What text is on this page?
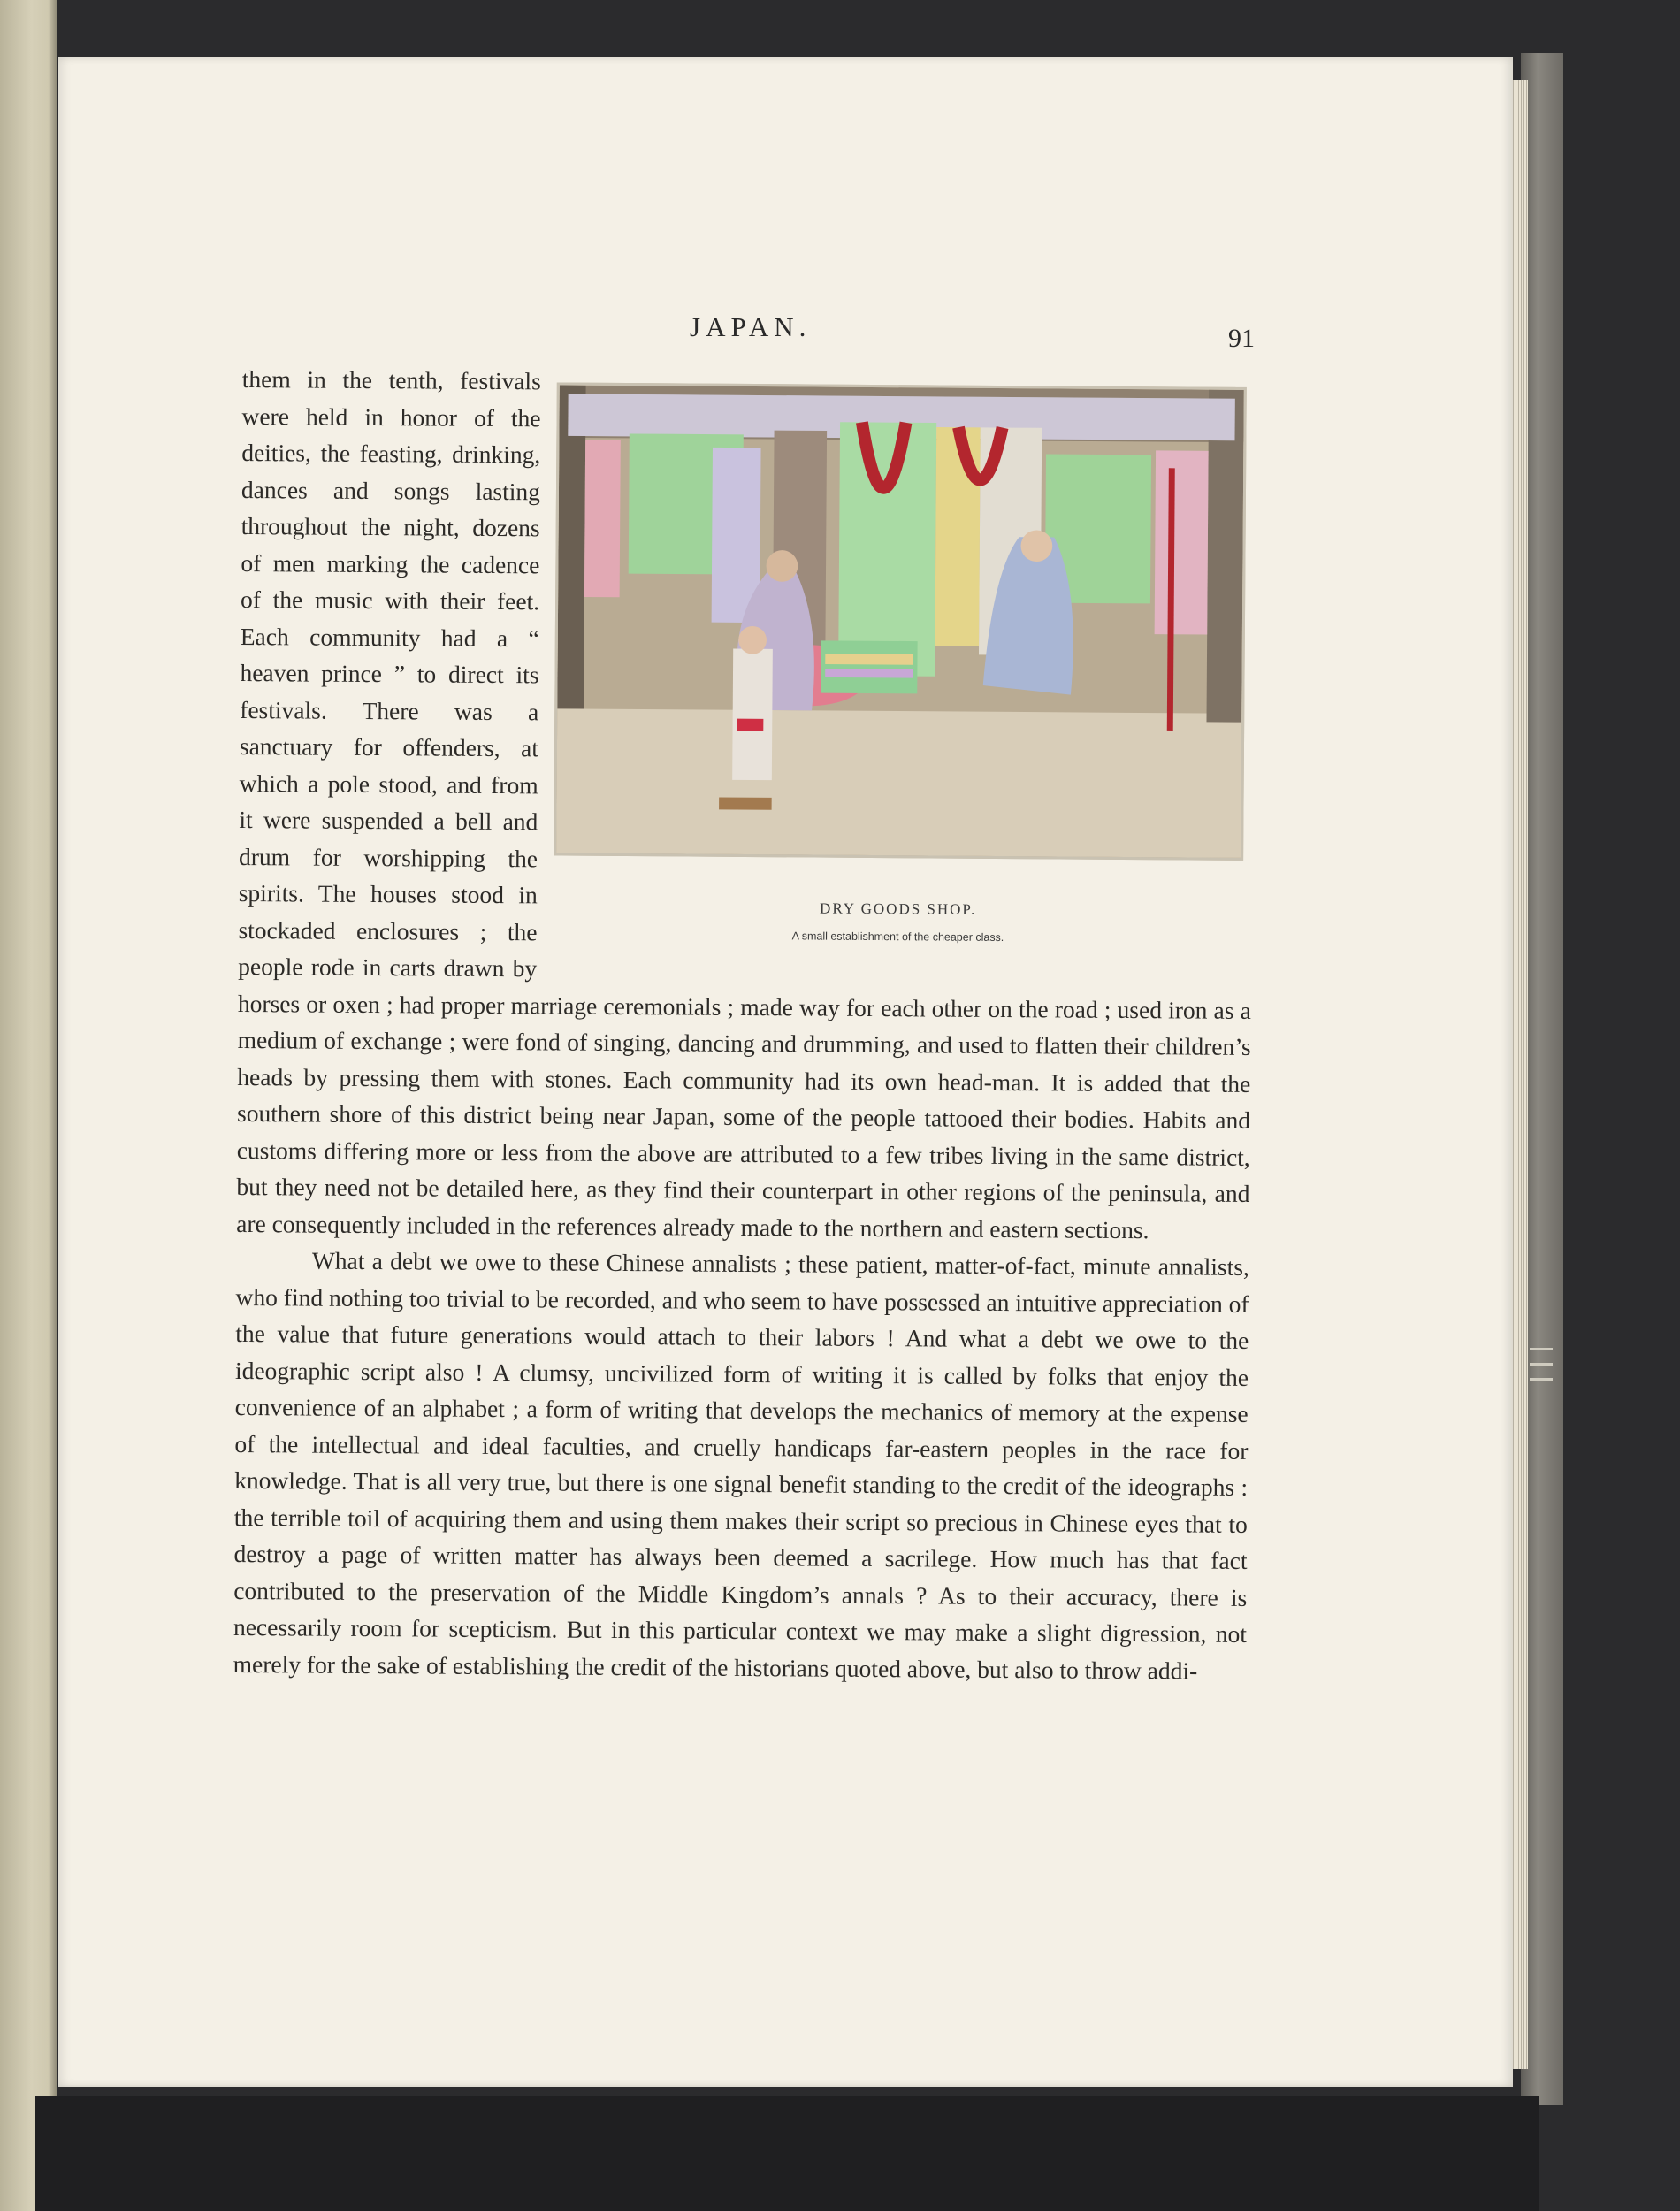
JAPAN.	91
DRY GOODS SHOP.
A small establishment of the cheaper class.

them in the tenth, festivals were held in honor of the deities, the feasting, drinking, dances and songs lasting throughout the night, dozens of men marking the cadence of the music with their feet. Each community had a “ heaven prince ” to direct its festivals. There was a sanctuary for offenders, at which a pole stood, and from it were suspended a bell and drum for worshipping the spirits. The houses stood in stockaded enclosures ; the people rode in carts drawn by horses or oxen ; had proper marriage ceremonials ; made way for each other on the road ; used iron as a medium of exchange ; were fond of singing, dancing and drumming, and used to flatten their children’s heads by pressing them with stones. Each community had its own head-man. It is added that the southern shore of this district being near Japan, some of the people tattooed their bodies. Habits and customs differing more or less from the above are attributed to a few tribes living in the same district, but they need not be detailed here, as they find their counterpart in other regions of the peninsula, and are consequently included in the references already made to the northern and eastern sections.

What a debt we owe to these Chinese annalists ; these patient, matter-of-fact, minute annalists, who find nothing too trivial to be recorded, and who seem to have possessed an intuitive appreciation of the value that future generations would attach to their labors ! And what a debt we owe to the ideographic script also ! A clumsy, uncivilized form of writing it is called by folks that enjoy the convenience of an alphabet ; a form of writing that develops the mechanics of memory at the expense of the intellectual and ideal faculties, and cruelly handicaps far-eastern peoples in the race for knowledge. That is all very true, but there is one signal benefit standing to the credit of the ideographs : the terrible toil of acquiring them and using them makes their script so precious in Chinese eyes that to destroy a page of written matter has always been deemed a sacrilege. How much has that fact contributed to the preservation of the Middle Kingdom’s annals ? As to their accuracy, there is necessarily room for scepticism. But in this particular context we may make a slight digression, not merely for the sake of establishing the credit of the historians quoted above, but also to throw addi-
